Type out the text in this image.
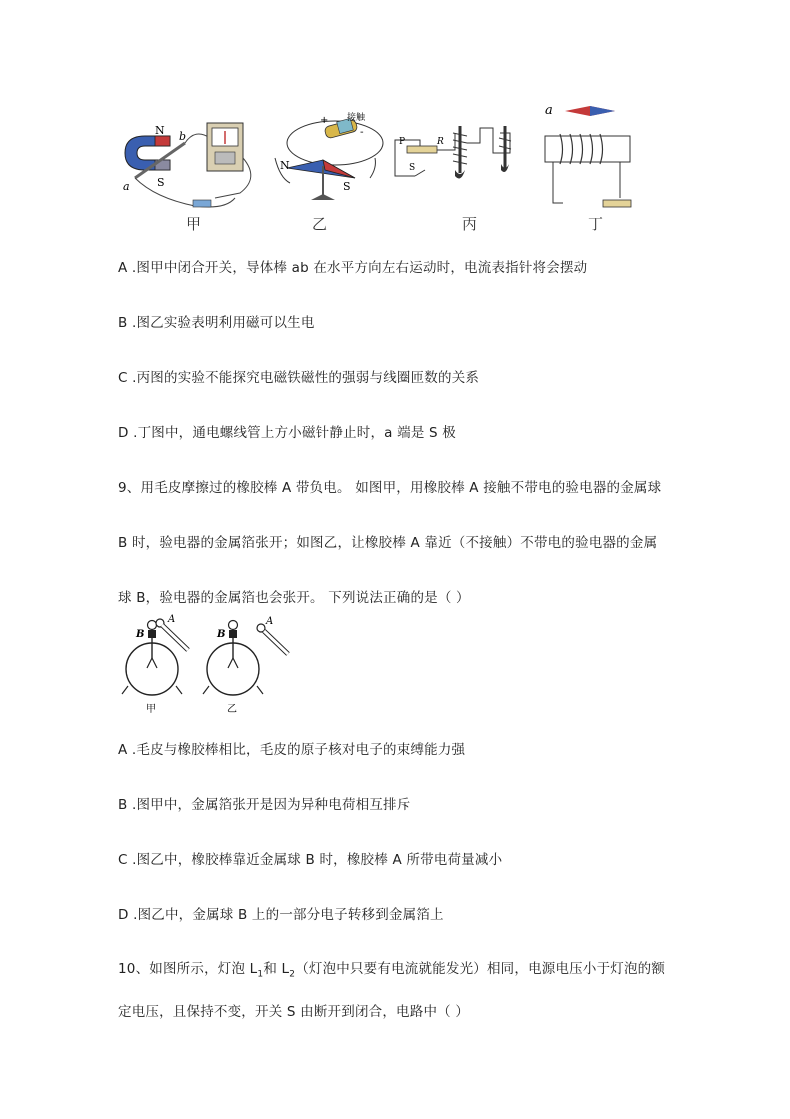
N
S
a
b
+
-
接触
N
S
P	R
S
a
甲	乙	丙	丁
A .图甲中闭合开关，导体棒 ab 在水平方向左右运动时，电流表指针将会摆动
B .图乙实验表明利用磁可以生电
C .丙图的实验不能探究电磁铁磁性的强弱与线圈匝数的关系
D .丁图中，通电螺线管上方小磁针静止时，a 端是 S 极
9、用毛皮摩擦过的橡胶棒 A 带负电。 如图甲，用橡胶棒 A 接触不带电的验电器的金属球
B 时，验电器的金属箔张开；如图乙，让橡胶棒 A 靠近（不接触）不带电的验电器的金属
球 B，验电器的金属箔也会张开。 下列说法正确的是（ ）
B	B
A	A
甲	乙
A .毛皮与橡胶棒相比，毛皮的原子核对电子的束缚能力强
B .图甲中，金属箔张开是因为异种电荷相互排斥
C .图乙中，橡胶棒靠近金属球 B 时，橡胶棒 A 所带电荷量减小
D .图乙中，金属球 B 上的一部分电子转移到金属箔上
10、如图所示，灯泡 $L_1$和 $L_2$（灯泡中只要有电流就能发光）相同，电源电压小于灯泡的额
定电压，且保持不变，开关 S 由断开到闭合，电路中（ ）
